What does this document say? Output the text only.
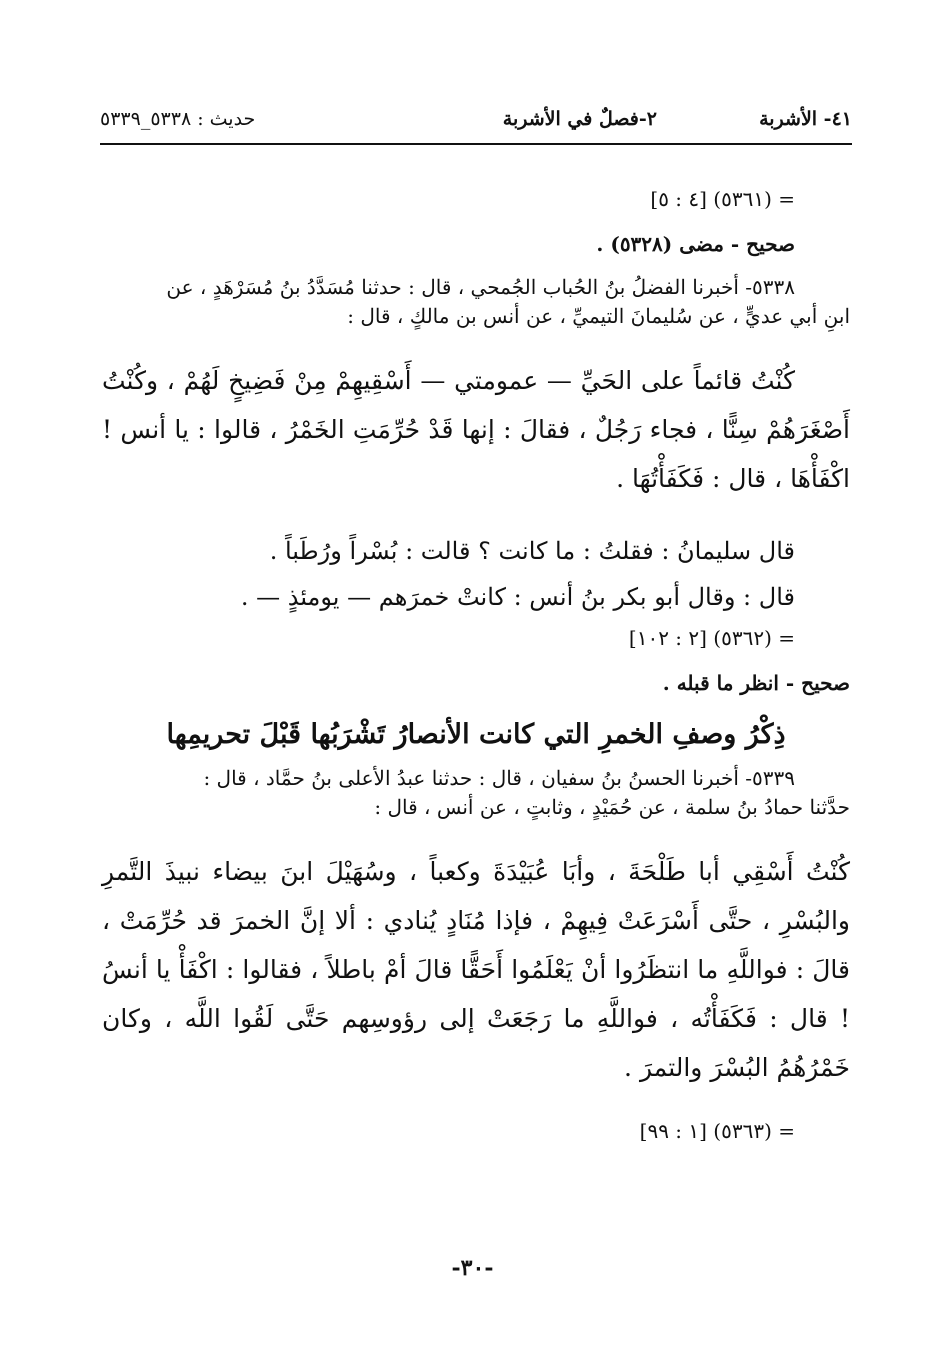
٤١- الأشربة
٢-فصلٌ في الأشربة
حديث : ٥٣٣٨_٥٣٣٩

= (٥٣٦١) [٤ : ٥]

صحيح - مضى (٥٣٢٨) .

٥٣٣٨- أخبرنا الفضلُ بنُ الحُباب الجُمحي ، قال : حدثنا مُسَدَّدُ بنُ مُسَرْهَدٍ ، عن

ابنِ أبي عديٍّ ، عن سُليمانَ التيميِّ ، عن أنس بن مالكٍ ، قال :

كُنْتُ قائماً على الحَيِّ — عمومتي — أَسْقِيهِمْ مِنْ فَضِيخٍ لَهُمْ ، وكُنْتُ أَصْغَرَهُمْ سِنًّا ، فجاء رَجُلٌ ، فقالَ : إنها قَدْ حُرِّمَتِ الخَمْرُ ، قالوا : يا أنس ! اكْفَأْهَا ، قال : فَكَفَأْتُهَا .

قال سليمانُ : فقلتُ : ما كانت ؟ قالت : بُسْراً ورُطَباً .

قال : وقال أبو بكر بنُ أنس : كانتْ خمرَهم — يومئذٍ — .

= (٥٣٦٢) [٢ : ١٠٢]

صحيح - انظر ما قبله .

ذِكْرُ وصفِ الخمرِ التي كانت الأنصارُ تَشْرَبُها قَبْلَ تحريمِها

٥٣٣٩- أخبرنا الحسنُ بنُ سفيان ، قال : حدثنا عبدُ الأعلى بنُ حمَّاد ، قال :

حدَّثنا حمادُ بنُ سلمة ، عن حُمَيْدٍ ، وثابتٍ ، عن أنس ، قال :

كُنْتُ أَسْقِي أبا طَلْحَةَ ، وأبَا عُبَيْدَةَ وكعباً ، وسُهَيْلَ ابنَ بيضاء نبيذَ التَّمرِ والبُسْرِ ، حتَّى أَسْرَعَتْ فِيهِمْ ، فإذا مُنَادٍ يُنادي : ألا إنَّ الخمرَ قد حُرِّمَتْ ، قالَ : فواللَّهِ ما انتظَرُوا أنْ يَعْلَمُوا أَحَقًّا قالَ أمْ باطلاً ، فقالوا : اكْفَأْ يا أنسُ ! قال : فَكَفَأْتُه ، فواللَّهِ ما رَجَعَتْ إلى رؤوسِهم حَتَّى لَقُوا اللَّه ، وكان خَمْرُهُمُ البُسْرَ والتمرَ .

= (٥٣٦٣) [١ : ٩٩]

-٣٠-
